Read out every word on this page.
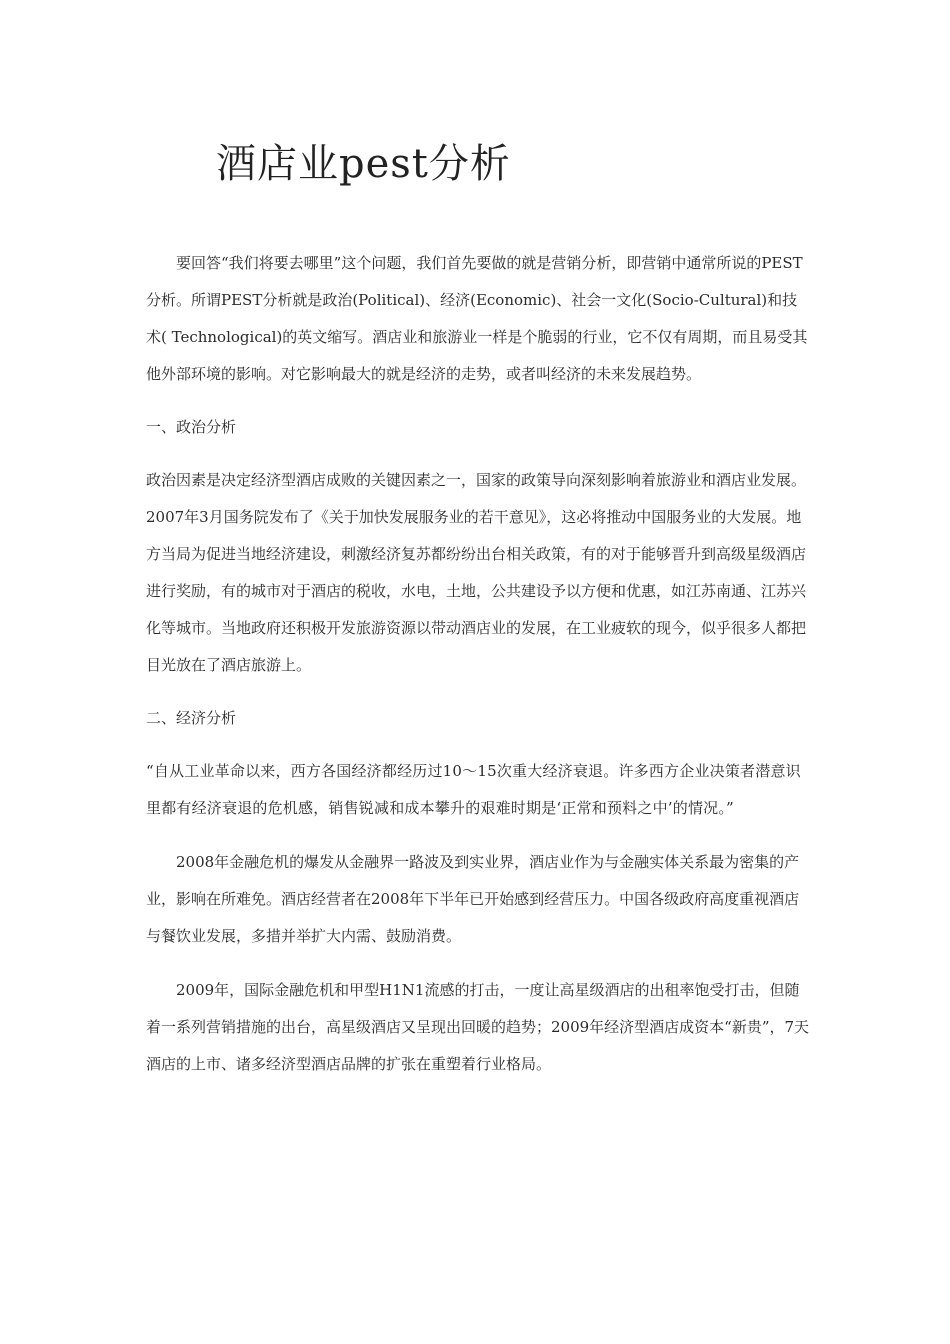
酒店业pest分析

要回答“我们将要去哪里”这个问题，我们首先要做的就是营销分析，即营销中通常所说的PEST分析。所谓PEST分析就是政治(Political)、经济(Economic)、社会一文化(Socio-Cultural)和技术( Technological)的英文缩写。酒店业和旅游业一样是个脆弱的行业，它不仅有周期，而且易受其他外部环境的影响。对它影响最大的就是经济的走势，或者叫经济的未来发展趋势。

一、政治分析

政治因素是决定经济型酒店成败的关键因素之一，国家的政策导向深刻影响着旅游业和酒店业发展。2007年3月国务院发布了《关于加快发展服务业的若干意见》，这必将推动中国服务业的大发展。地方当局为促进当地经济建设，刺激经济复苏都纷纷出台相关政策，有的对于能够晋升到高级星级酒店进行奖励，有的城市对于酒店的税收，水电，土地，公共建设予以方便和优惠，如江苏南通、江苏兴化等城市。当地政府还积极开发旅游资源以带动酒店业的发展，在工业疲软的现今，似乎很多人都把目光放在了酒店旅游上。

二、经济分析

“自从工业革命以来，西方各国经济都经历过10～15次重大经济衰退。许多西方企业决策者潜意识里都有经济衰退的危机感，销售锐减和成本攀升的艰难时期是‘正常和预料之中’的情况。”

2008年金融危机的爆发从金融界一路波及到实业界，酒店业作为与金融实体关系最为密集的产业，影响在所难免。酒店经营者在2008年下半年已开始感到经营压力。中国各级政府高度重视酒店与餐饮业发展，多措并举扩大内需、鼓励消费。

2009年，国际金融危机和甲型H1N1流感的打击，一度让高星级酒店的出租率饱受打击，但随着一系列营销措施的出台，高星级酒店又呈现出回暖的趋势；2009年经济型酒店成资本“新贵”，7天酒店的上市、诸多经济型酒店品牌的扩张在重塑着行业格局。
